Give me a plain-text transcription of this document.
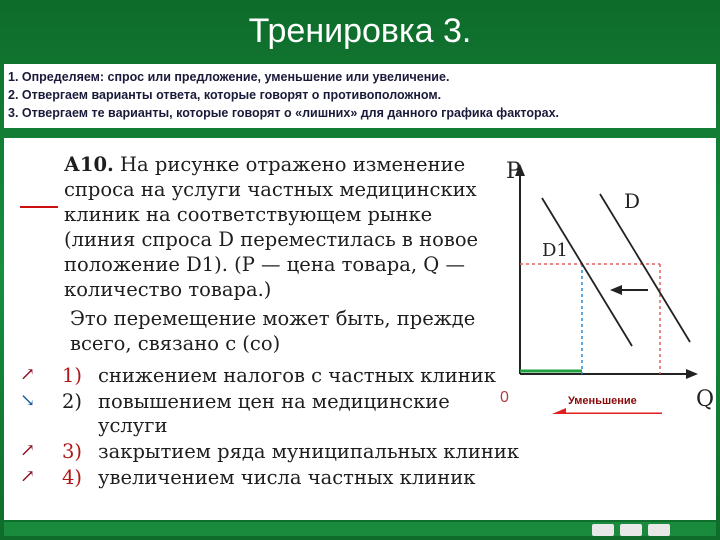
Тренировка 3.
1. Определяем: спрос или предложение, уменьшение или увеличение.
2. Отвергаем варианты ответа, которые говорят о противоположном.
3. Отвергаем те варианты, которые говорят о «лишних» для данного графика факторах.

А10. На рисунке отражено изменение спроса на услуги частных медицинских клиник на соответствующем рынке (линия спроса D переместилась в новое положение D1). (P — цена товара, Q — количество товара.)

Это перемещение может быть, прежде всего, связано с (со)

↗	1) снижением налогов с частных клиник
↘	2) повышением цен на медицинские
услуги
↗	3) закрытием ряда муниципальных клиник
↗	4) увеличением числа частных клиник
P
Q
0
D
D1
Уменьшение
